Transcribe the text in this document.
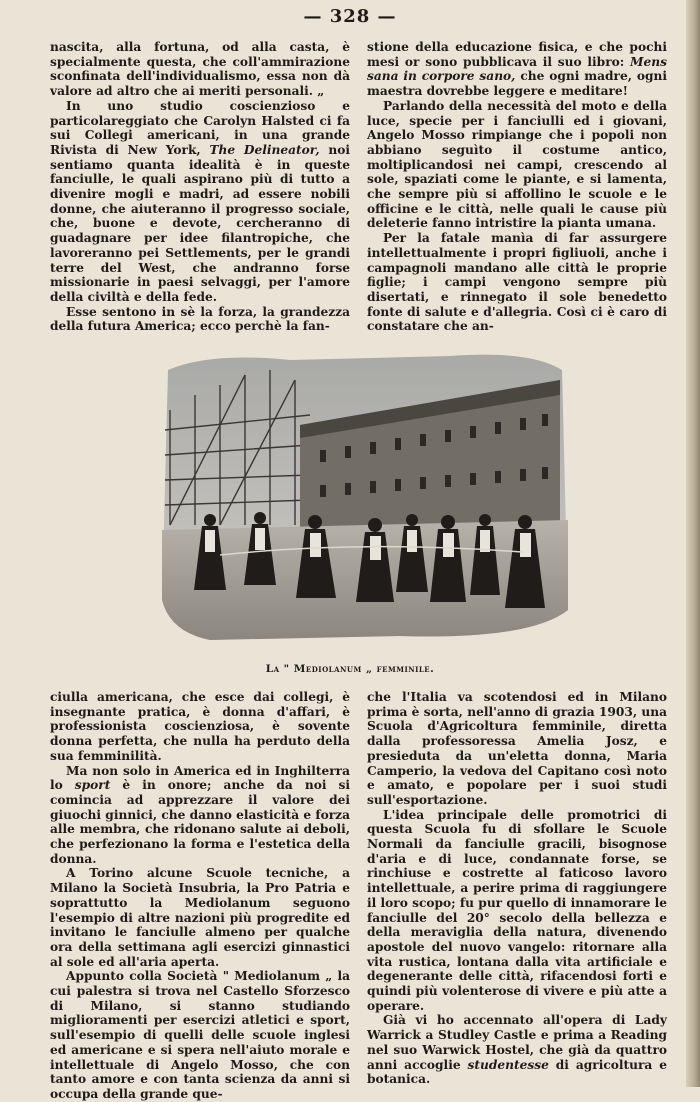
— 328 —

nascita, alla fortuna, od alla casta, è specialmente questa, che coll'ammirazione sconfinata dell'individualismo, essa non dà valore ad altro che ai meriti personali. „

In uno studio coscienzioso e particolareggiato che Carolyn Halsted ci fa sui Collegi americani, in una grande Rivista di New York, The Delineator, noi sentiamo quanta idealità è in queste fanciulle, le quali aspirano più di tutto a divenire mogli e madri, ad essere nobili donne, che aiuteranno il progresso sociale, che, buone e devote, cercheranno di guadagnare per idee filantropiche, che lavoreranno pei Settlements, per le grandi terre del West, che andranno forse missionarie in paesi selvaggi, per l'amore della civiltà e della fede.

Esse sentono in sè la forza, la grandezza della futura America; ecco perchè la fan-

stione della educazione fisica, e che pochi mesi or sono pubblicava il suo libro: Mens sana in corpore sano, che ogni madre, ogni maestra dovrebbe leggere e meditare!

Parlando della necessità del moto e della luce, specie per i fanciulli ed i giovani, Angelo Mosso rimpiange che i popoli non abbiano seguìto il costume antico, moltiplicandosi nei campi, crescendo al sole, spaziati come le piante, e si lamenta, che sempre più si affollino le scuole e le officine e le città, nelle quali le cause più deleterie fanno intristire la pianta umana.

Per la fatale manìa di far assurgere intellettualmente i propri figliuoli, anche i campagnoli mandano alle città le proprie figlie; i campi vengono sempre più disertati, e rinnegato il sole benedetto fonte di salute e d'allegria. Così ci è caro di constatare che an-

La " Mediolanum „ femminile.

ciulla americana, che esce dai collegi, è insegnante pratica, è donna d'affari, è professionista coscienziosa, è sovente donna perfetta, che nulla ha perduto della sua femminilità.

Ma non solo in America ed in Inghilterra lo sport è in onore; anche da noi si comincia ad apprezzare il valore dei giuochi ginnici, che danno elasticità e forza alle membra, che ridonano salute ai deboli, che perfezionano la forma e l'estetica della donna.

A Torino alcune Scuole tecniche, a Milano la Società Insubria, la Pro Patria e soprattutto la Mediolanum seguono l'esempio di altre nazioni più progredite ed invitano le fanciulle almeno per qualche ora della settimana agli esercizi ginnastici al sole ed all'aria aperta.

Appunto colla Società " Mediolanum „ la cui palestra si trova nel Castello Sforzesco di Milano, si stanno studiando miglioramenti per esercizi atletici e sport, sull'esempio di quelli delle scuole inglesi ed americane e si spera nell'aiuto morale e intellettuale di Angelo Mosso, che con tanto amore e con tanta scienza da anni si occupa della grande que-

che l'Italia va scotendosi ed in Milano prima è sorta, nell'anno di grazia 1903, una Scuola d'Agricoltura femminile, diretta dalla professoressa Amelia Josz, e presieduta da un'eletta donna, Maria Camperio, la vedova del Capitano così noto e amato, e popolare per i suoi studi sull'esportazione.

L'idea principale delle promotrici di questa Scuola fu di sfollare le Scuole Normali da fanciulle gracili, bisognose d'aria e di luce, condannate forse, se rinchiuse e costrette al faticoso lavoro intellettuale, a perire prima di raggiungere il loro scopo; fu pur quello di innamorare le fanciulle del 20° secolo della bellezza e della meraviglia della natura, divenendo apostole del nuovo vangelo: ritornare alla vita rustica, lontana dalla vita artificiale e degenerante delle città, rifacendosi forti e quindi più volenterose di vivere e più atte a operare.

Già vi ho accennato all'opera di Lady Warrick a Studley Castle e prima a Reading nel suo Warwick Hostel, che già da quattro anni accoglie studentesse di agricoltura e botanica.
